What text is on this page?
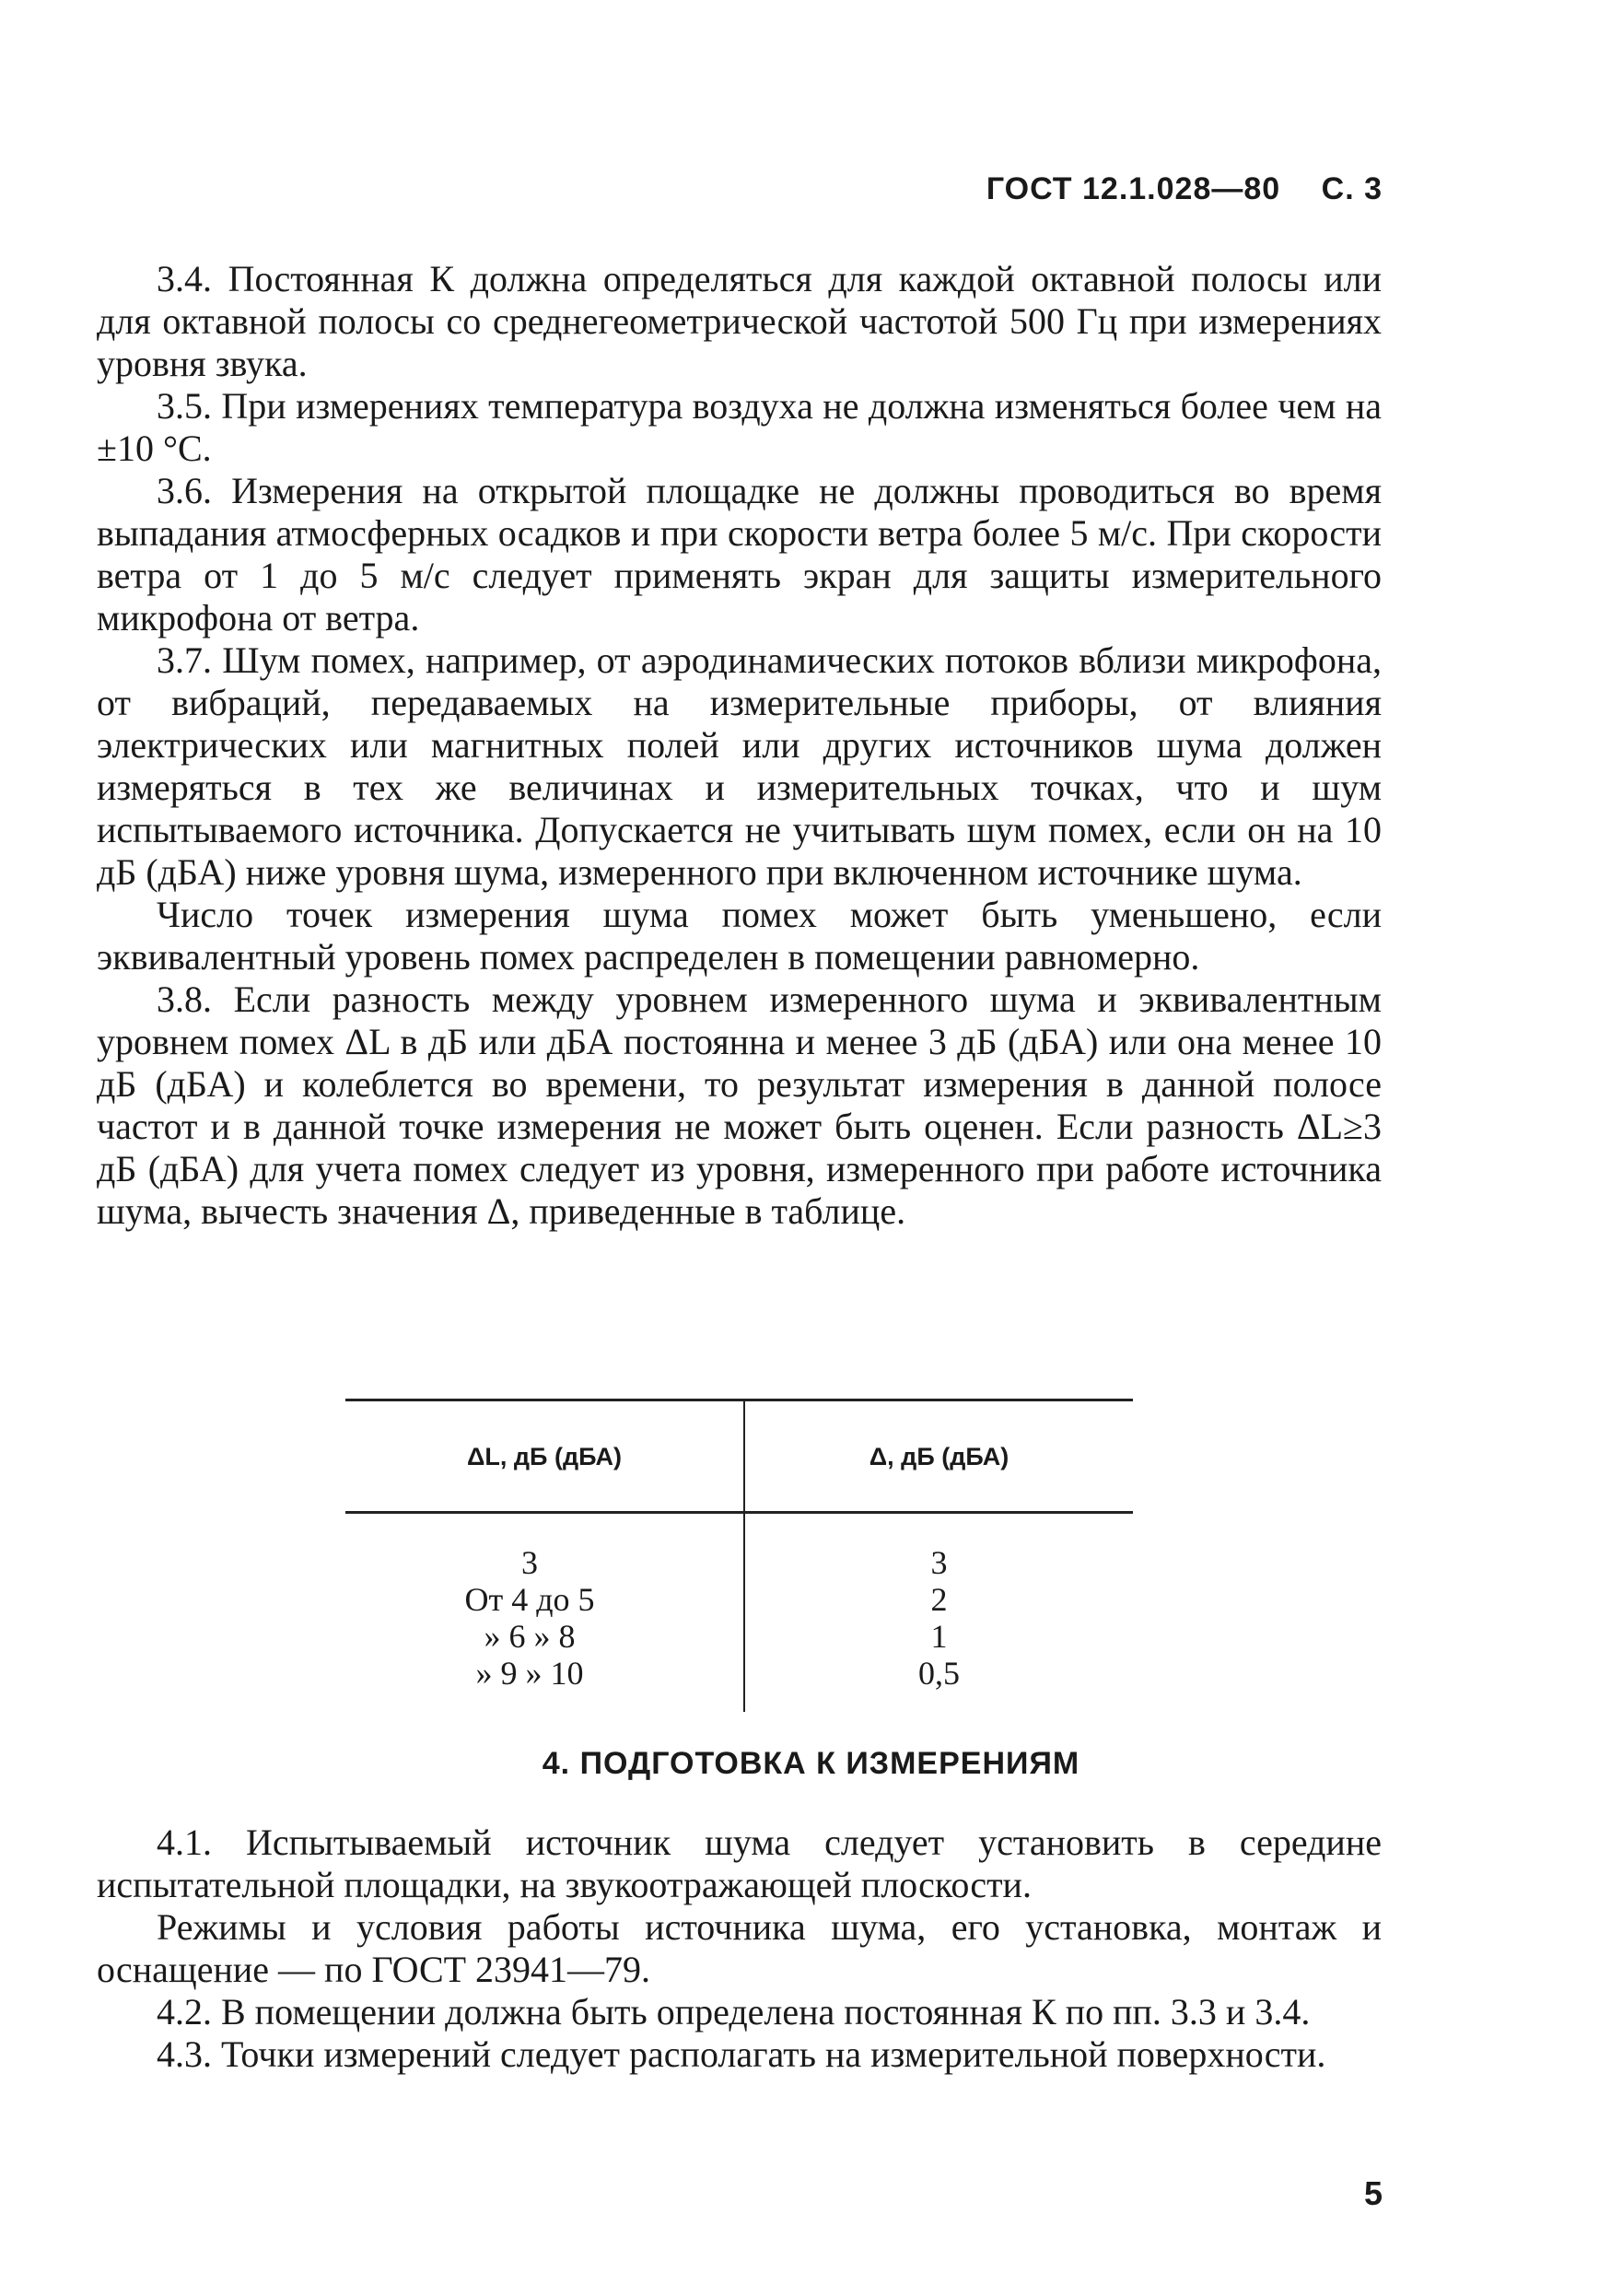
ГОСТ 12.1.028—80 С. 3

3.4. Постоянная К должна определяться для каждой октавной полосы или для октавной полосы со среднегеометрической частотой 500 Гц при измерениях уровня звука.

3.5. При измерениях температура воздуха не должна изменяться более чем на ±10 °С.

3.6. Измерения на открытой площадке не должны проводиться во время выпадания атмосферных осадков и при скорости ветра более 5 м/с. При скорости ветра от 1 до 5 м/с следует применять экран для защиты измерительного микрофона от ветра.

3.7. Шум помех, например, от аэродинамических потоков вблизи микрофона, от вибраций, передаваемых на измерительные приборы, от влияния электрических или магнитных полей или других источников шума должен измеряться в тех же величинах и измерительных точках, что и шум испытываемого источника. Допускается не учитывать шум помех, если он на 10 дБ (дБА) ниже уровня шума, измеренного при включенном источнике шума.

Число точек измерения шума помех может быть уменьшено, если эквивалентный уровень помех распределен в помещении равномерно.

3.8. Если разность между уровнем измеренного шума и эквивалентным уровнем помех ΔL в дБ или дБА постоянна и менее 3 дБ (дБА) или она менее 10 дБ (дБА) и колеблется во времени, то результат измерения в данной полосе частот и в данной точке измерения не может быть оценен. Если разность ΔL≥3 дБ (дБА) для учета помех следует из уровня, измеренного при работе источника шума, вычесть значения Δ, приведенные в таблице.

ΔL, дБ (дБА)	Δ, дБ (дБА)
3
От 4 до 5
» 6 » 8
» 9 » 10
3
2
1
0,5
4. ПОДГОТОВКА К ИЗМЕРЕНИЯМ

4.1. Испытываемый источник шума следует установить в середине испытательной площадки, на звукоотражающей плоскости.

Режимы и условия работы источника шума, его установка, монтаж и оснащение — по ГОСТ 23941—79.

4.2. В помещении должна быть определена постоянная К по пп. 3.3 и 3.4.

4.3. Точки измерений следует располагать на измерительной поверхности.

5
